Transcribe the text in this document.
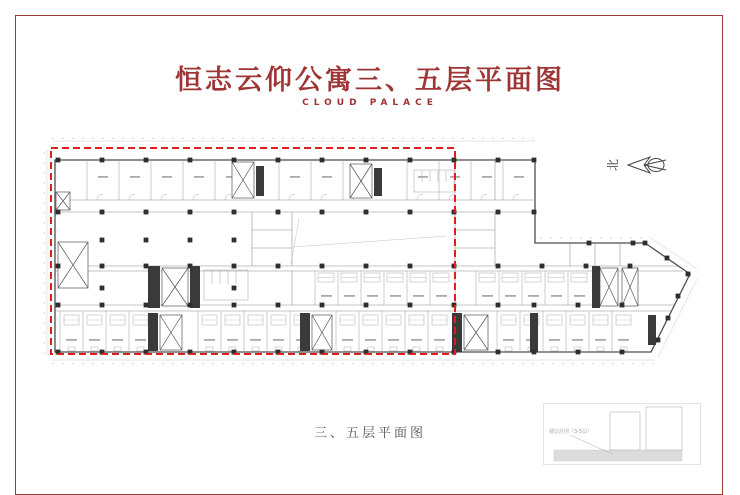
恒志云仰公寓三、五层平面图
CLOUD PALACE
北
三、五层平面图	楼层范围（3-5层）
